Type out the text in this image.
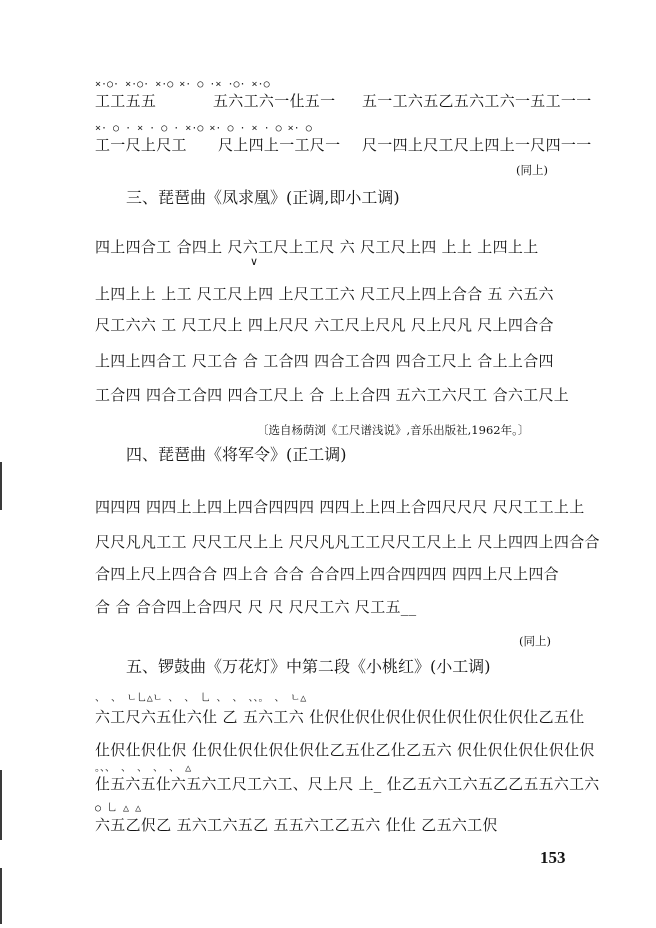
×·○· ×·○· ×·○ ×· ○ ·× ·○· ×·○
工工五五	五六工六一仩五一 五一工六五乙五六工六一五工一一
×· ○ · × · ○ · ×·○ ×· ○ · × · ○ ×· ○
工一尺上尺工 尺上四上一工尺一 尺一四上尺工尺上四上一尺四一一
(同上)
三、琵琶曲《凤求凰》(正调,即小工调)
四上四合工 合四上 尺六工尺上工尺 六 尺工尺上四 上上 上四上上
∨
上四上上 上工 尺工尺上四 上尺工工六 尺工尺上四上合合 五 六五六
尺工六六 工 尺工尺上 四上尺尺 六工尺上尺凡 尺上尺凡 尺上四合合
上四上四合工 尺工合 合 工合四 四合工合四 四合工尺上 合上上合四
工合四 四合工合四 四合工尺上 合 上上合四 五六工六尺工 合六工尺上
〔选自杨荫浏《工尺谱浅说》,音乐出版社,1962年。〕
四、琵琶曲《将军令》(正工调)
四四四 四四上上四上四合四四四 四四上上四上合四尺尺尺 尺尺工工上上
尺尺凡凡工工 尺尺工尺上上 尺尺凡凡工工尺尺工尺上上 尺上四四上四合合
合四上尺上四合合 四上合 合合 合合四上四合四四四 四四上尺上四合
合 合 合合四上合四尺 尺 尺 尺尺工六 尺工五__
(同上)
五、锣鼓曲《万花灯》中第二段《小桃红》(小工调)
、 、 ㄴ乚△ㄴ 、 、 乚 、 、 、、。 、 ㄴ△
六工尺六五仩六仩 乙 五六工六 仩伬仩伬仩伬仩伬仩伬仩伬仩伬仩乙五仩
仩伬仩伬仩伬 仩伬仩伬仩伬仩伬仩乙五仩乙仩乙五六 伬仩伬仩伬仩伬仩伬
。、、 、 、 、 、 △
仩五六五仩六五六工尺工六工、尺上尺 上_ 仩乙五六工六五乙乙五五六工六
○ 乚 △ △
六五乙伬乙 五六工六五乙 五五六工乙五六 仩仩 乙五六工伬
153
